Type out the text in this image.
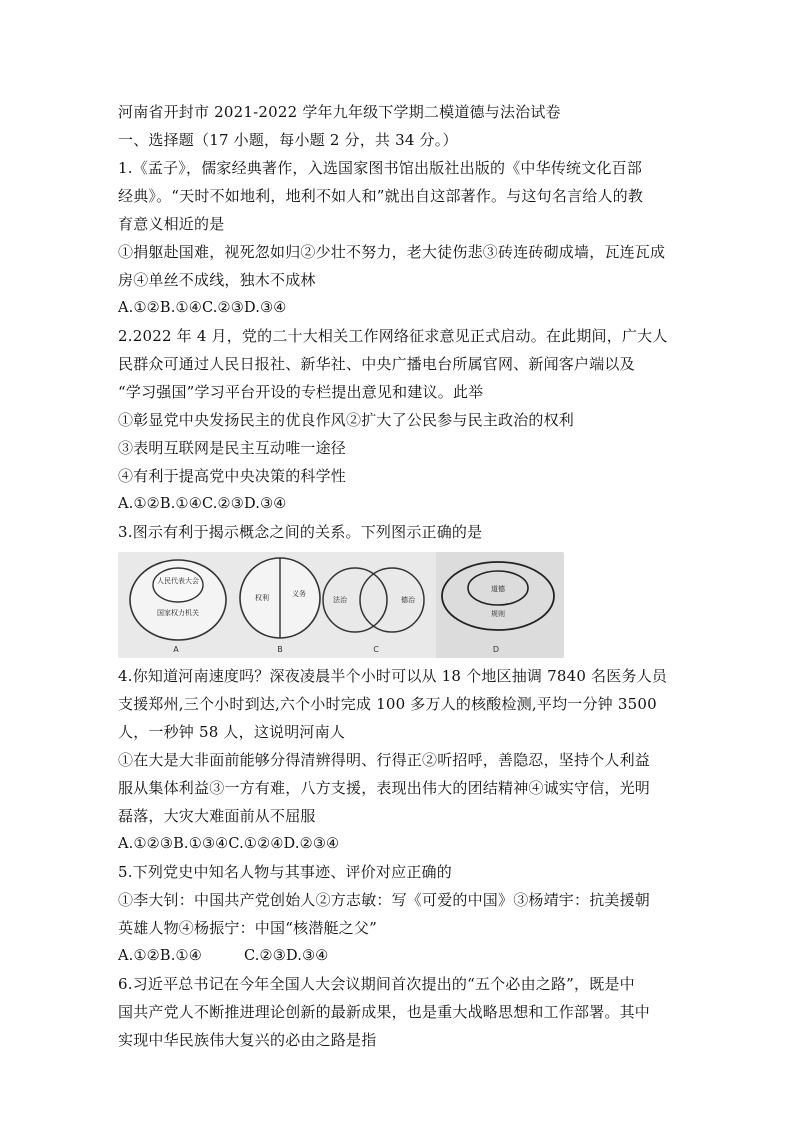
河南省开封市 2021-2022 学年九年级下学期二模道德与法治试卷

一、选择题（17 小题，每小题 2 分，共 34 分。）

1.《孟子》，儒家经典著作，入选国家图书馆出版社出版的《中华传统文化百部

经典》。“天时不如地利，地利不如人和”就出自这部著作。与这句名言给人的教

育意义相近的是

①捐躯赴国难，视死忽如归②少壮不努力，老大徒伤悲③砖连砖砌成墙，瓦连瓦成

房④单丝不成线，独木不成林

A.①②B.①④C.②③D.③④

2.2022 年 4 月，党的二十大相关工作网络征求意见正式启动。在此期间，广大人

民群众可通过人民日报社、新华社、中央广播电台所属官网、新闻客户端以及

“学习强国”学习平台开设的专栏提出意见和建议。此举

①彰显党中央发扬民主的优良作风②扩大了公民参与民主政治的权利

③表明互联网是民主互动唯一途径

④有利于提高党中央决策的科学性

A.①②B.①④C.②③D.③④

3.图示有利于揭示概念之间的关系。下列图示正确的是

人民代表大会
国家权力机关
A
权利	义务
B
法治	德治
C
道德
规则
D

4.你知道河南速度吗？深夜凌晨半个小时可以从 18 个地区抽调 7840 名医务人员

支援郑州,三个小时到达,六个小时完成 100 多万人的核酸检测,平均一分钟 3500

人，一秒钟 58 人，这说明河南人

①在大是大非面前能够分得清辨得明、行得正②听招呼，善隐忍，坚持个人利益

服从集体利益③一方有难，八方支援，表现出伟大的团结精神④诚实守信，光明

磊落，大灾大难面前从不屈服

A.①②③B.①③④C.①②④D.②③④

5.下列党史中知名人物与其事迹、评价对应正确的

①李大钊：中国共产党创始人②方志敏：写《可爱的中国》③杨靖宇：抗美援朝

英雄人物④杨振宁：中国“核潜艇之父”

A.①②B.①④	C.②③D.③④

6.习近平总书记在今年全国人大会议期间首次提出的“五个必由之路”，既是中

国共产党人不断推进理论创新的最新成果，也是重大战略思想和工作部署。其中

实现中华民族伟大复兴的必由之路是指
